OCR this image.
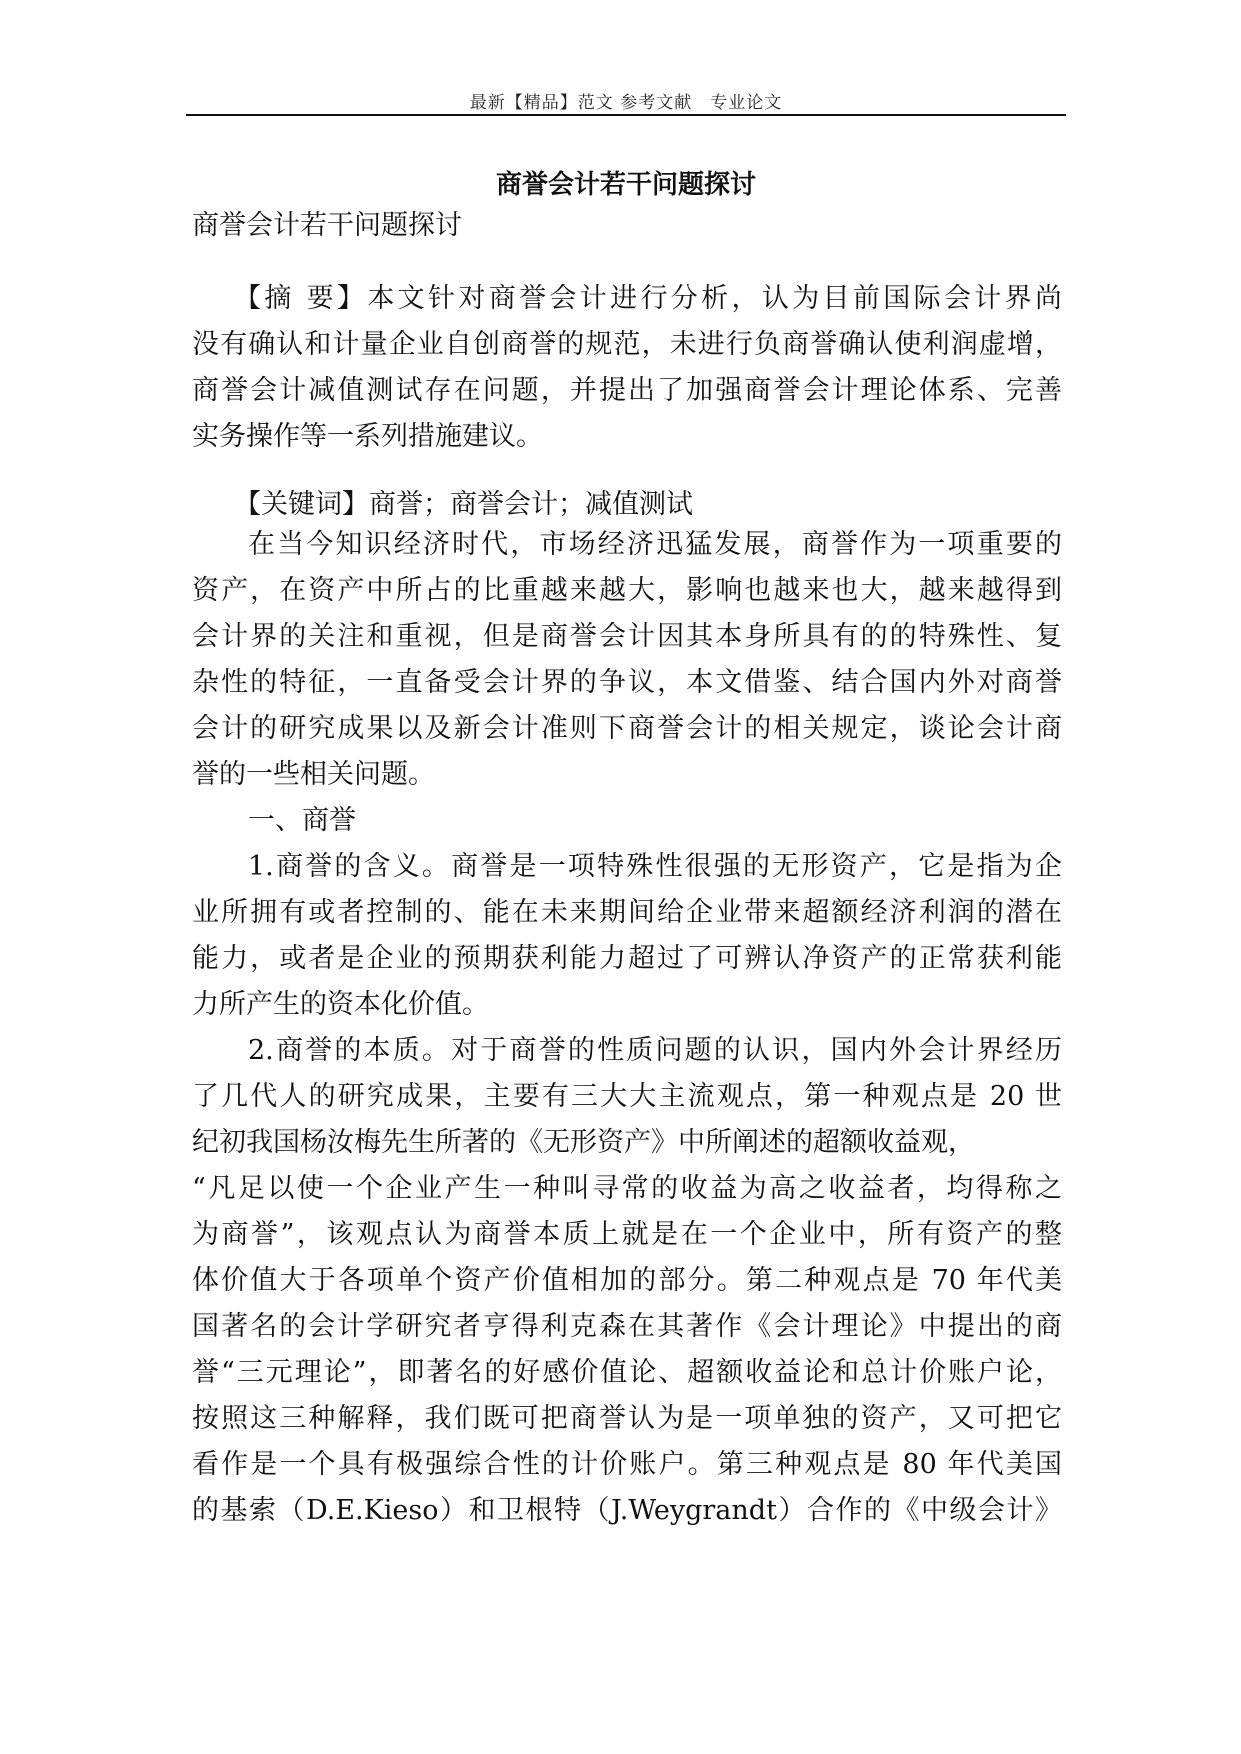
最新【精品】范文 参考文献　专业论文
商誉会计若干问题探讨

商誉会计若干问题探讨

【摘 要】本文针对商誉会计进行分析，认为目前国际会计界尚

没有确认和计量企业自创商誉的规范，未进行负商誉确认使利润虚增，

商誉会计减值测试存在问题，并提出了加强商誉会计理论体系、完善

实务操作等一系列措施建议。

【关键词】商誉；商誉会计；减值测试

在当今知识经济时代，市场经济迅猛发展，商誉作为一项重要的

资产，在资产中所占的比重越来越大，影响也越来也大，越来越得到

会计界的关注和重视，但是商誉会计因其本身所具有的的特殊性、复

杂性的特征，一直备受会计界的争议，本文借鉴、结合国内外对商誉

会计的研究成果以及新会计准则下商誉会计的相关规定，谈论会计商

誉的一些相关问题。

一、商誉

1.商誉的含义。商誉是一项特殊性很强的无形资产，它是指为企

业所拥有或者控制的、能在未来期间给企业带来超额经济利润的潜在

能力，或者是企业的预期获利能力超过了可辨认净资产的正常获利能

力所产生的资本化价值。

2.商誉的本质。对于商誉的性质问题的认识，国内外会计界经历

了几代人的研究成果，主要有三大大主流观点，第一种观点是 20 世

纪初我国杨汝梅先生所著的《无形资产》中所阐述的超额收益观，

“凡足以使一个企业产生一种叫寻常的收益为高之收益者，均得称之

为商誉”，该观点认为商誉本质上就是在一个企业中，所有资产的整

体价值大于各项单个资产价值相加的部分。第二种观点是 70 年代美

国著名的会计学研究者亨得利克森在其著作《会计理论》中提出的商

誉“三元理论”，即著名的好感价值论、超额收益论和总计价账户论，

按照这三种解释，我们既可把商誉认为是一项单独的资产，又可把它

看作是一个具有极强综合性的计价账户。第三种观点是 80 年代美国

的基索（D.E.Kieso）和卫根特（J.Weygrandt）合作的《中级会计》
